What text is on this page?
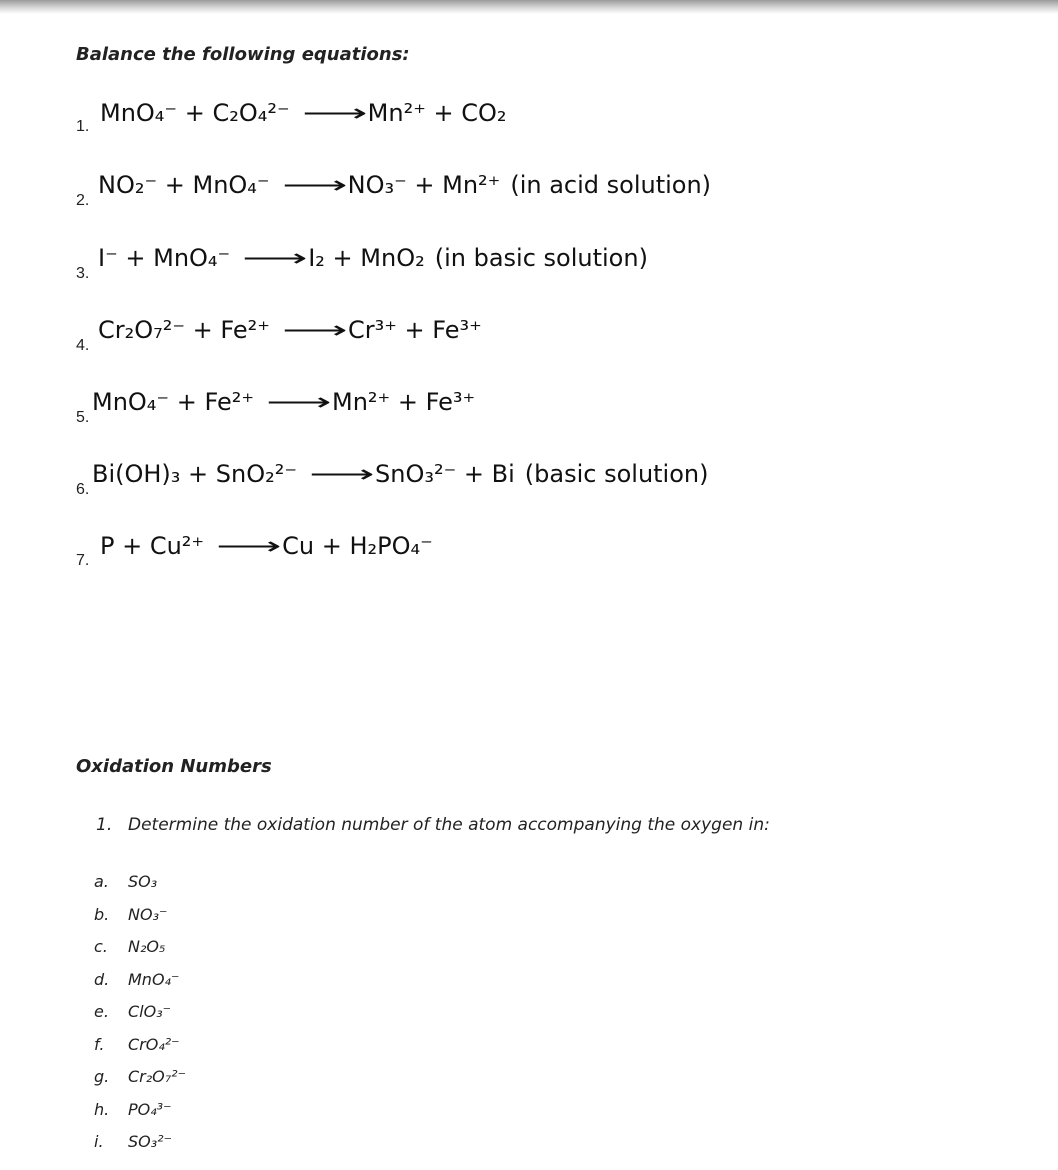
Balance the following equations:
1. MnO₄⁻ + C₂O₄²⁻ ⟶Mn²⁺ + CO₂
2.
NO₂⁻ + MnO₄⁻ ⟶NO₃⁻ + Mn²⁺ (in acid solution)
3.
I⁻ + MnO₄⁻ ⟶I₂ + MnO₂ (in basic solution)
4.
Cr₂O₇²⁻ + Fe²⁺ ⟶Cr³⁺ + Fe³⁺
5.
MnO₄⁻ + Fe²⁺ ⟶Mn²⁺ + Fe³⁺
6.
Bi(OH)₃ + SnO₂²⁻ ⟶SnO₃²⁻ + Bi (basic solution)
7.
P + Cu²⁺ ⟶Cu + H₂PO₄⁻
Oxidation Numbers
1. Determine the oxidation number of the atom accompanying the oxygen in:
a. SO₃
b. NO₃⁻
c. N₂O₅
d. MnO₄⁻
e. ClO₃⁻
f. CrO₄²⁻
g. Cr₂O₇²⁻
h. PO₄³⁻
i. SO₃²⁻
